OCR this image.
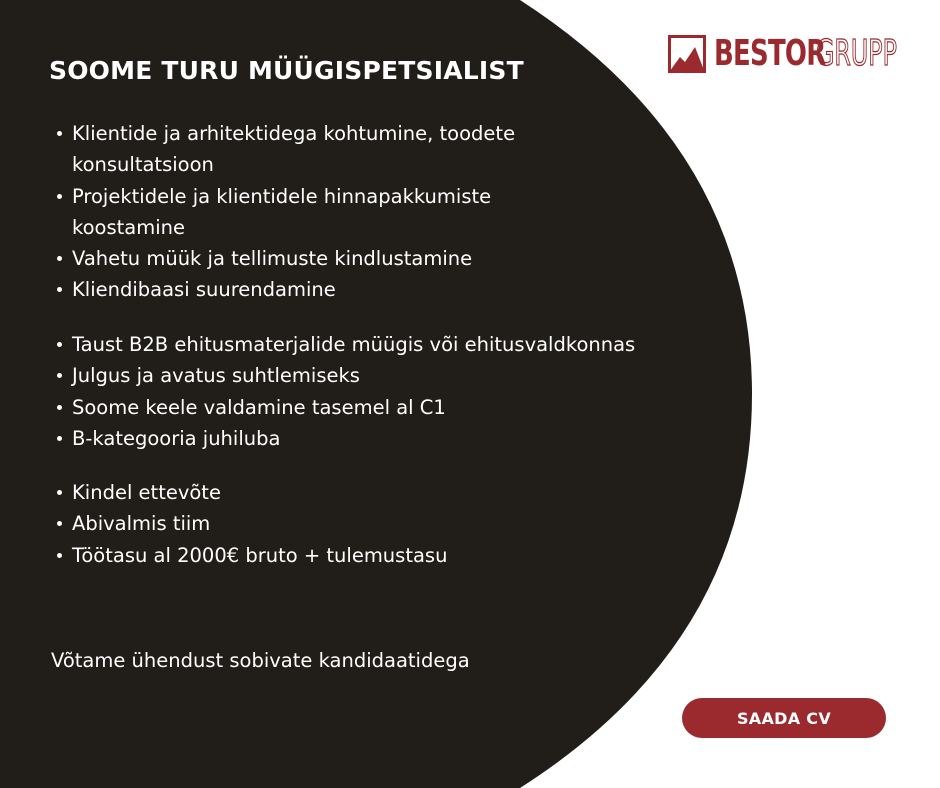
BESTOR
GRUPP
SOOME TURU MÜÜGISPETSIALIST
Klientide ja arhitektidega kohtumine, toodete
konsultatsioon
Projektidele ja klientidele hinnapakkumiste
koostamine
Vahetu müük ja tellimuste kindlustamine
Kliendibaasi suurendamine
Taust B2B ehitusmaterjalide müügis või ehitusvaldkonnas
Julgus ja avatus suhtlemiseks
Soome keele valdamine tasemel al C1
B-kategooria juhiluba
Kindel ettevõte
Abivalmis tiim
Töötasu al 2000€ bruto + tulemustasu
Võtame ühendust sobivate kandidaatidega
SAADA CV
